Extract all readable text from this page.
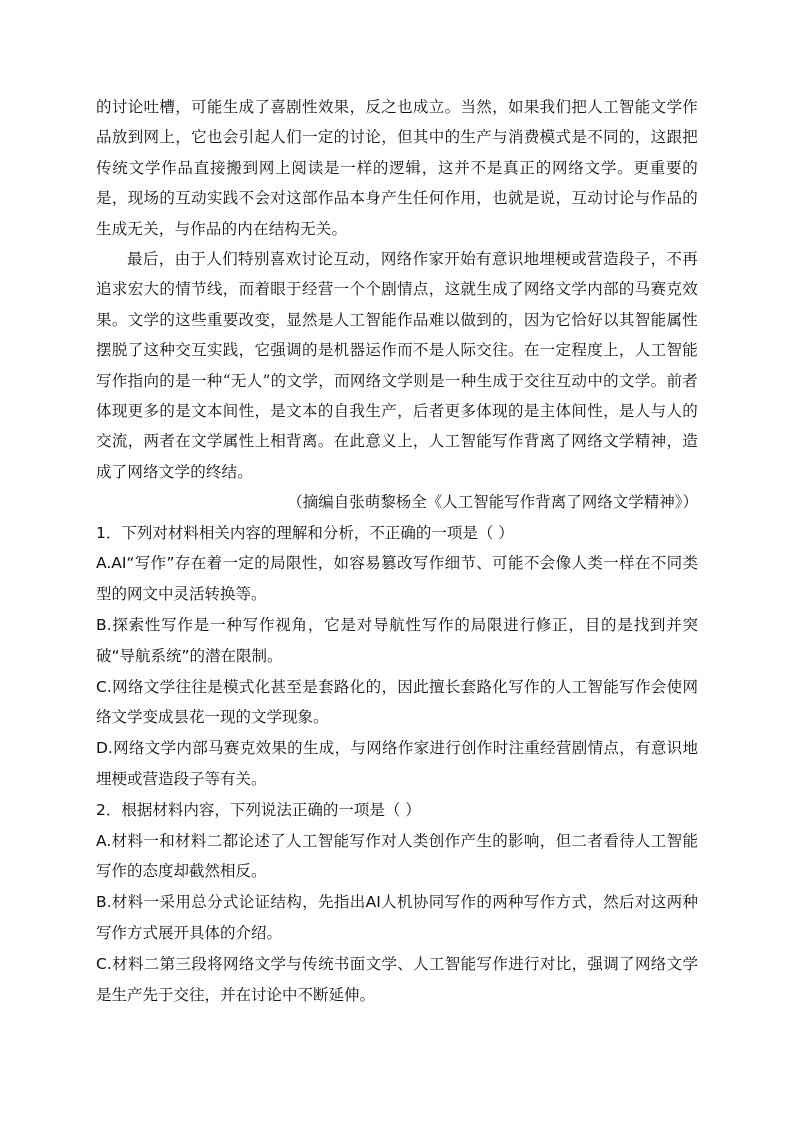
的讨论吐槽，可能生成了喜剧性效果，反之也成立。当然，如果我们把人工智能文学作品放到网上，它也会引起人们一定的讨论，但其中的生产与消费模式是不同的，这跟把传统文学作品直接搬到网上阅读是一样的逻辑，这并不是真正的网络文学。更重要的是，现场的互动实践不会对这部作品本身产生任何作用，也就是说，互动讨论与作品的生成无关，与作品的内在结构无关。

最后，由于人们特别喜欢讨论互动，网络作家开始有意识地埋梗或营造段子，不再追求宏大的情节线，而着眼于经营一个个剧情点，这就生成了网络文学内部的马赛克效果。文学的这些重要改变，显然是人工智能作品难以做到的，因为它恰好以其智能属性摆脱了这种交互实践，它强调的是机器运作而不是人际交往。在一定程度上，人工智能写作指向的是一种“无人”的文学，而网络文学则是一种生成于交往互动中的文学。前者体现更多的是文本间性，是文本的自我生产，后者更多体现的是主体间性，是人与人的交流，两者在文学属性上相背离。在此意义上，人工智能写作背离了网络文学精神，造成了网络文学的终结。

（摘编自张萌黎杨全《人工智能写作背离了网络文学精神》）

1．下列对材料相关内容的理解和分析，不正确的一项是（ ）

A.AI“写作”存在着一定的局限性，如容易篡改写作细节、可能不会像人类一样在不同类型的网文中灵活转换等。

B.探索性写作是一种写作视角，它是对导航性写作的局限进行修正，目的是找到并突破“导航系统”的潜在限制。

C.网络文学往往是模式化甚至是套路化的，因此擅长套路化写作的人工智能写作会使网络文学变成昙花一现的文学现象。

D.网络文学内部马赛克效果的生成，与网络作家进行创作时注重经营剧情点，有意识地埋梗或营造段子等有关。

2．根据材料内容，下列说法正确的一项是（ ）

A.材料一和材料二都论述了人工智能写作对人类创作产生的影响，但二者看待人工智能写作的态度却截然相反。

B.材料一采用总分式论证结构，先指出AI人机协同写作的两种写作方式，然后对这两种写作方式展开具体的介绍。

C.材料二第三段将网络文学与传统书面文学、人工智能写作进行对比，强调了网络文学是生产先于交往，并在讨论中不断延伸。
